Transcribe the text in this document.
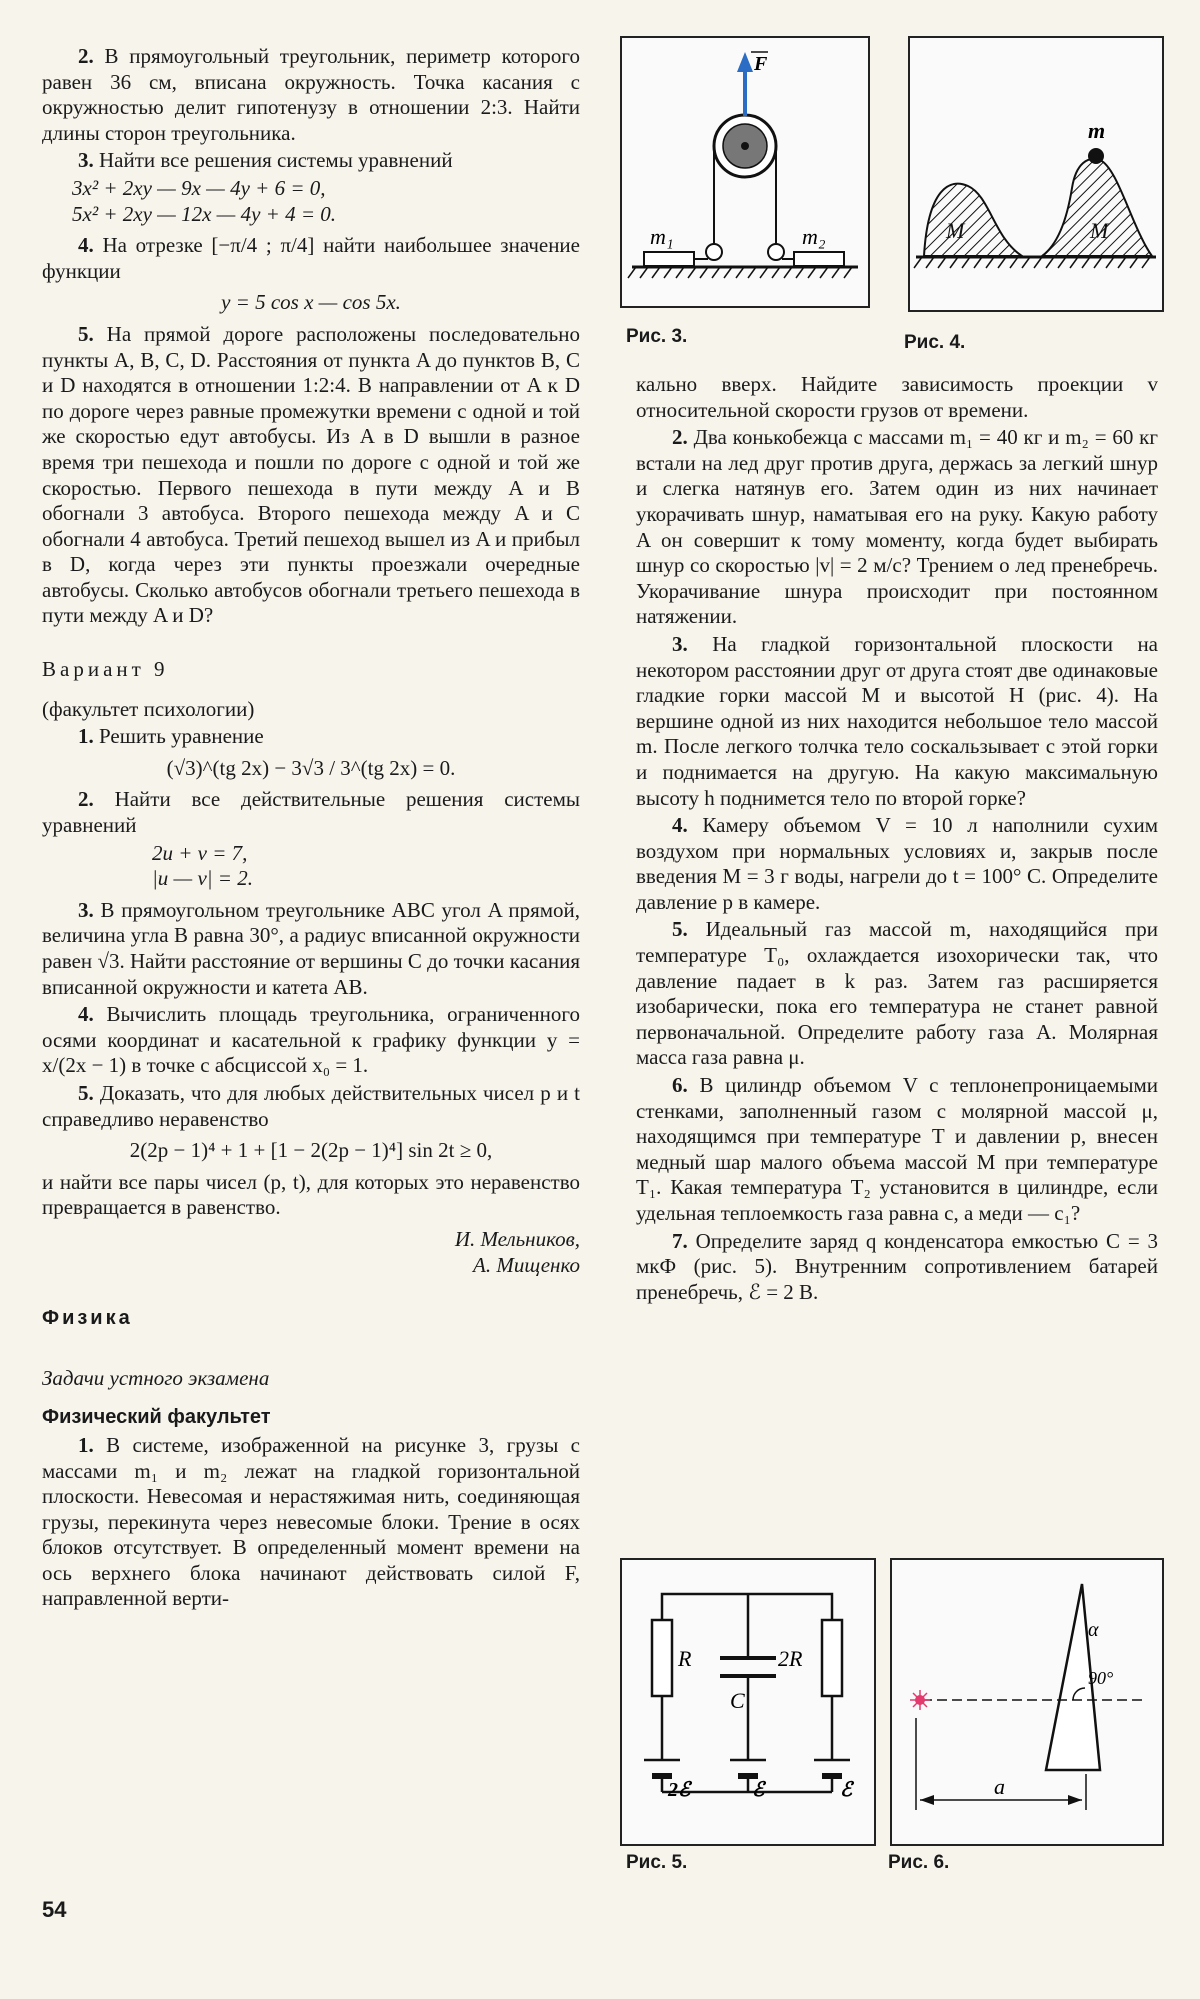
2. В прямоугольный треугольник, периметр которого равен 36 см, вписана окружность. Точка касания с окружностью делит гипотенузу в отношении 2:3. Найти длины сторон треугольника.

3. Найти все решения системы уравнений

3x² + 2xy — 9x — 4y + 6 = 0,
5x² + 2xy — 12x — 4y + 4 = 0.

4. На отрезке [−π/4 ; π/4] найти наибольшее значение функции

y = 5 cos x — cos 5x.

5. На прямой дороге расположены последовательно пункты A, B, C, D. Расстояния от пункта A до пунктов B, C и D находятся в отношении 1:2:4. В направлении от A к D по дороге через равные промежутки времени с одной и той же скоростью едут автобусы. Из A в D вышли в разное время три пешехода и пошли по дороге с одной и той же скоростью. Первого пешехода в пути между A и B обогнали 3 автобуса. Второго пешехода между A и C обогнали 4 автобуса. Третий пешеход вышел из A и прибыл в D, когда через эти пункты проезжали очередные автобусы. Сколько автобусов обогнали третьего пешехода в пути между A и D?

Вариант 9

(факультет психологии)

1. Решить уравнение

(√3)^(tg 2x) − 3√3 / 3^(tg 2x) = 0.

2. Найти все действительные решения системы уравнений

2u + v = 7,
|u — v| = 2.

3. В прямоугольном треугольнике ABC угол A прямой, величина угла B равна 30°, а радиус вписанной окружности равен √3. Найти расстояние от вершины C до точки касания вписанной окружности и катета AB.

4. Вычислить площадь треугольника, ограниченного осями координат и касательной к графику функции y = x/(2x − 1) в точке с абсциссой x₀ = 1.

5. Доказать, что для любых действительных чисел p и t справедливо неравенство

2(2p − 1)⁴ + 1 + [1 − 2(2p − 1)⁴] sin 2t ≥ 0,

и найти все пары чисел (p, t), для которых это неравенство превращается в равенство.

И. Мельников,

А. Мищенко

Физика

Задачи устного экзамена

Физический факультет

1. В системе, изображенной на рисунке 3, грузы с массами m₁ и m₂ лежат на гладкой горизонтальной плоскости. Невесомая и нерастяжимая нить, соединяющая грузы, перекинута через невесомые блоки. Трение в осях блоков отсутствует. В определенный момент времени на ось верхнего блока начинают действовать силой F, направленной верти-

F
m₁	m₂
Рис. 3.
m
M	M
Рис. 4.

кально вверх. Найдите зависимость проекции v относительной скорости грузов от времени.

2. Два конькобежца с массами m₁ = 40 кг и m₂ = 60 кг встали на лед друг против друга, держась за легкий шнур и слегка натянув его. Затем один из них начинает укорачивать шнур, наматывая его на руку. Какую работу A он совершит к тому моменту, когда будет выбирать шнур со скоростью |v| = 2 м/с? Трением о лед пренебречь. Укорачивание шнура происходит при постоянном натяжении.

3. На гладкой горизонтальной плоскости на некотором расстоянии друг от друга стоят две одинаковые гладкие горки массой M и высотой H (рис. 4). На вершине одной из них находится небольшое тело массой m. После легкого толчка тело соскальзывает с этой горки и поднимается на другую. На какую максимальную высоту h поднимется тело по второй горке?

4. Камеру объемом V = 10 л наполнили сухим воздухом при нормальных условиях и, закрыв после введения M = 3 г воды, нагрели до t = 100° C. Определите давление p в камере.

5. Идеальный газ массой m, находящийся при температуре T₀, охлаждается изохорически так, что давление падает в k раз. Затем газ расширяется изобарически, пока его температура не станет равной первоначальной. Определите работу газа A. Молярная масса газа равна μ.

6. В цилиндр объемом V с теплонепроницаемыми стенками, заполненный газом с молярной массой μ, находящимся при температуре T и давлении p, внесен медный шар малого объема массой M при температуре T₁. Какая температура T₂ установится в цилиндре, если удельная теплоемкость газа равна c, а меди — c₁?

7. Определите заряд q конденсатора емкостью C = 3 мкФ (рис. 5). Внутренним сопротивлением батарей пренебречь, ℰ = 2 В.

R	2R
C
2ℰ	ℰ	ℰ
Рис. 5.
α
90°
a
Рис. 6.
54
